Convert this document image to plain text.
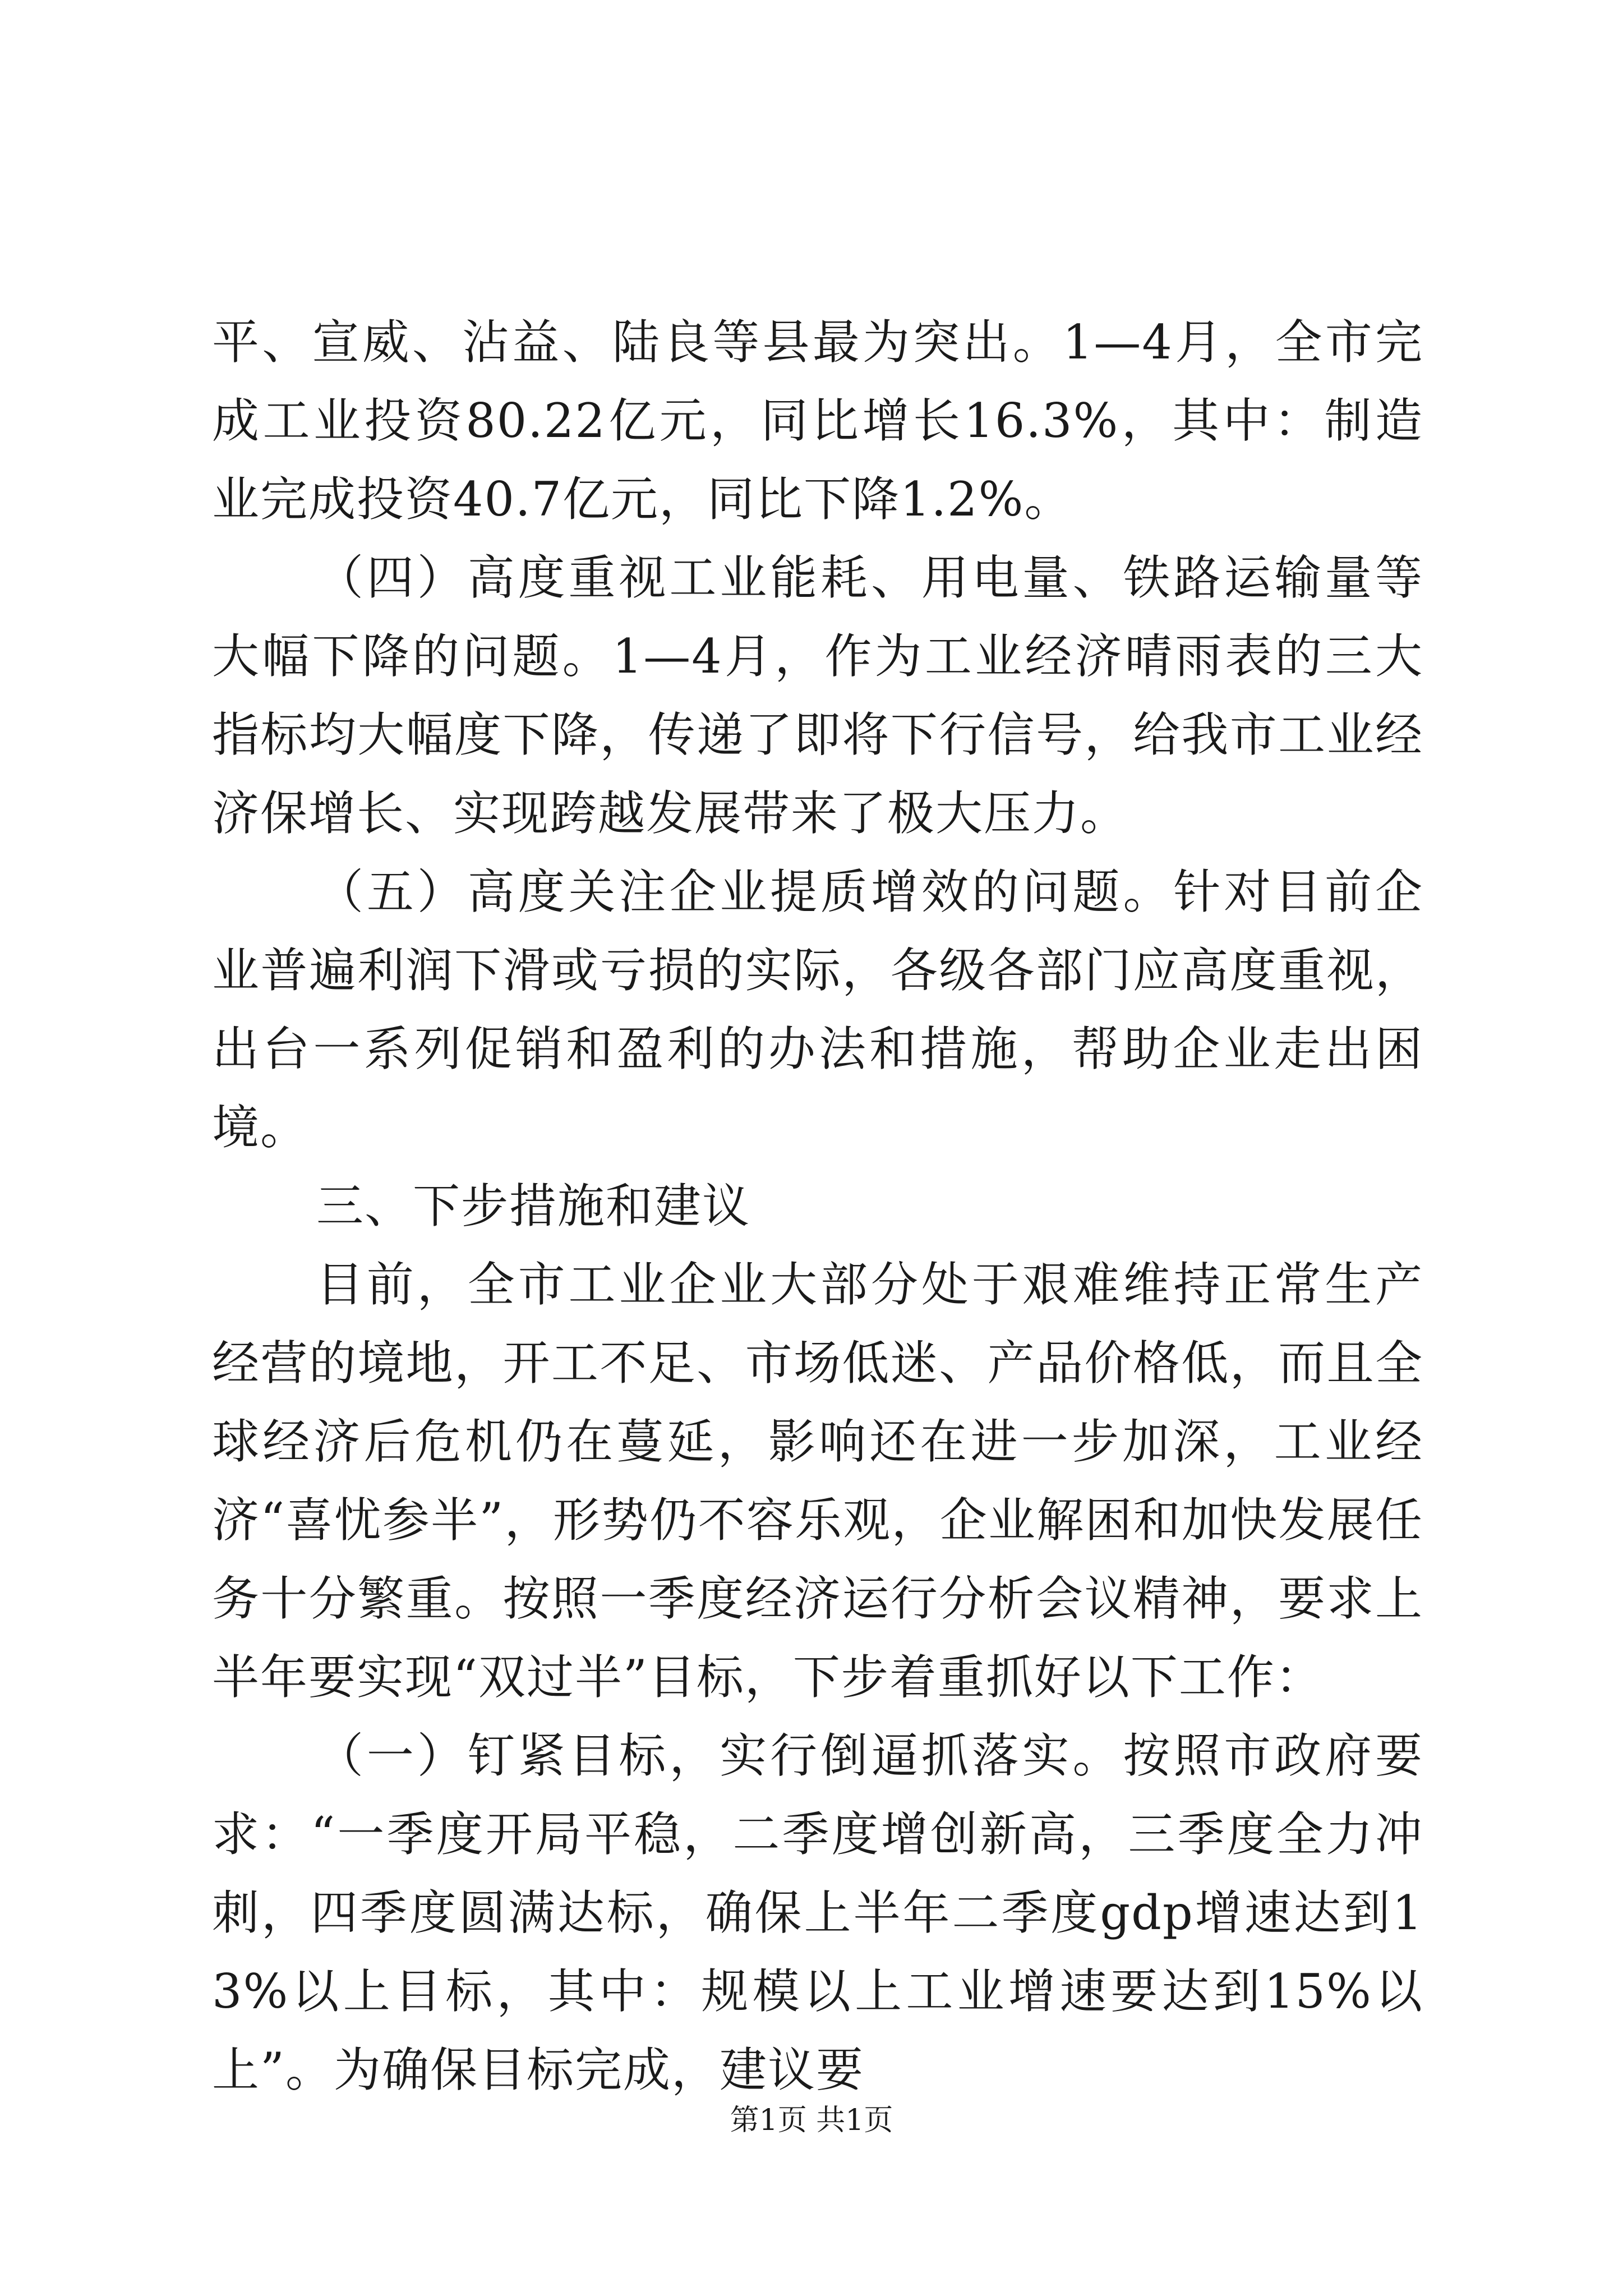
平、宣威、沾益、陆良等县最为突出。1—4月，全市完成工业投资80.22亿元，同比增长16.3%，其中：制造业完成投资40.7亿元，同比下降1.2%。

（四）高度重视工业能耗、用电量、铁路运输量等大幅下降的问题。1—4月，作为工业经济晴雨表的三大指标均大幅度下降，传递了即将下行信号，给我市工业经济保增长、实现跨越发展带来了极大压力。

（五）高度关注企业提质增效的问题。针对目前企业普遍利润下滑或亏损的实际，各级各部门应高度重视，出台一系列促销和盈利的办法和措施，帮助企业走出困境。

三、下步措施和建议

目前，全市工业企业大部分处于艰难维持正常生产经营的境地，开工不足、市场低迷、产品价格低，而且全球经济后危机仍在蔓延，影响还在进一步加深，工业经济“喜忧参半”，形势仍不容乐观，企业解困和加快发展任务十分繁重。按照一季度经济运行分析会议精神，要求上半年要实现“双过半”目标，下步着重抓好以下工作：

（一）钉紧目标，实行倒逼抓落实。按照市政府要求：“一季度开局平稳，二季度增创新高，三季度全力冲刺，四季度圆满达标，确保上半年二季度gdp增速达到13%以上目标，其中：规模以上工业增速要达到15%以上”。为确保目标完成，建议要

第1页 共1页
